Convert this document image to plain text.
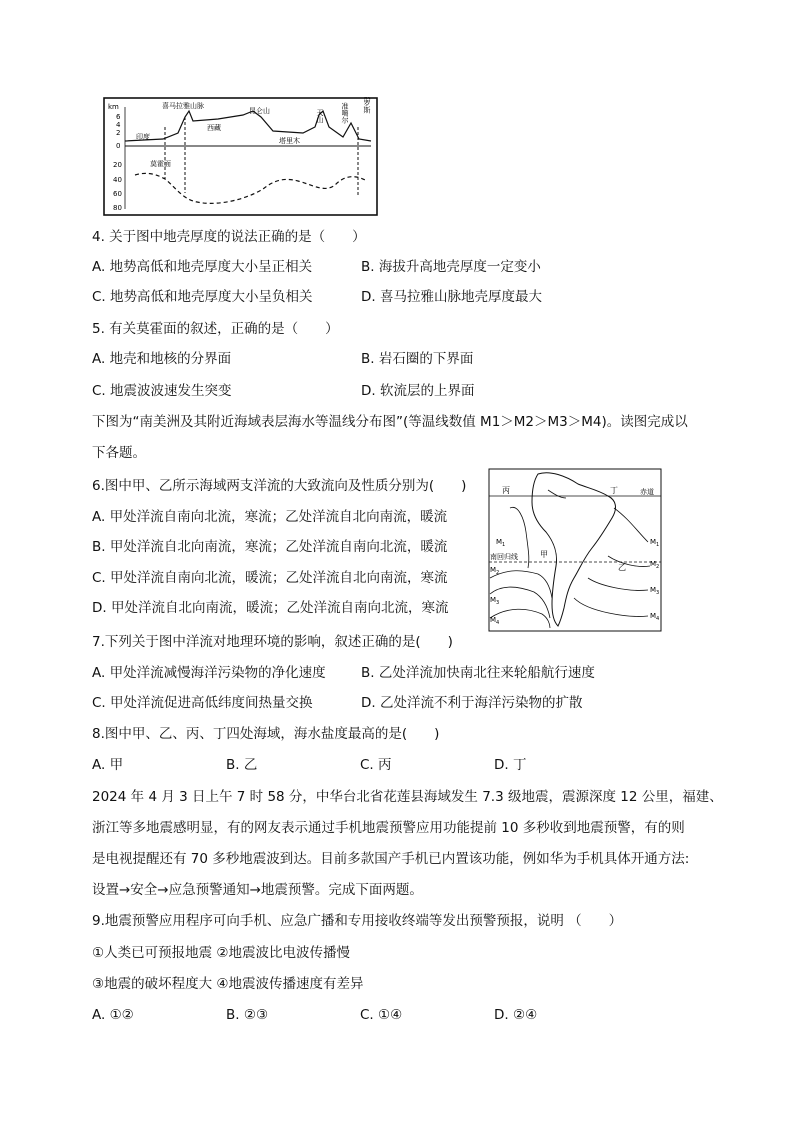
km
6
4
2
0
20
40
60
80
喜马拉雅山脉
昆仑山
印度
西藏
塔里木
莫霍面
天山 准噶尔 俄罗斯
4. 关于图中地壳厚度的说法正确的是（　　）
A. 地势高低和地壳厚度大小呈正相关	B. 海拔升高地壳厚度一定变小
C. 地势高低和地壳厚度大小呈负相关	D. 喜马拉雅山脉地壳厚度最大
5. 有关莫霍面的叙述，正确的是（　　）
A. 地壳和地核的分界面	B. 岩石圈的下界面
C. 地震波波速发生突变	D. 软流层的上界面
下图为“南美洲及其附近海域表层海水等温线分布图”(等温线数值 M1＞M2＞M3＞M4)。读图完成以
下各题。
丙	丁	赤道
南回归线	甲
乙
$M_1$
$M_2$
$M_3$
$M_4$
$M_1$
$M_2$
$M_3$
$M_4$
6.图中甲、乙所示海域两支洋流的大致流向及性质分别为(　　)
A. 甲处洋流自南向北流，寒流；乙处洋流自北向南流，暖流
B. 甲处洋流自北向南流，寒流；乙处洋流自南向北流，暖流
C. 甲处洋流自南向北流，暖流；乙处洋流自北向南流，寒流
D. 甲处洋流自北向南流，暖流；乙处洋流自南向北流，寒流
7.下列关于图中洋流对地理环境的影响，叙述正确的是(　　)
A. 甲处洋流减慢海洋污染物的净化速度	B. 乙处洋流加快南北往来轮船航行速度
C. 甲处洋流促进高低纬度间热量交换	D. 乙处洋流不利于海洋污染物的扩散
8.图中甲、乙、丙、丁四处海域，海水盐度最高的是(　　)
A. 甲	B. 乙	C. 丙	D. 丁
2024 年 4 月 3 日上午 7 时 58 分，中华台北省花莲县海域发生 7.3 级地震，震源深度 12 公里，福建、
浙江等多地震感明显，有的网友表示通过手机地震预警应用功能提前 10 多秒收到地震预警，有的则
是电视提醒还有 70 多秒地震波到达。目前多款国产手机已内置该功能，例如华为手机具体开通方法:
设置→安全→应急预警通知→地震预警。完成下面两题。
9.地震预警应用程序可向手机、应急广播和专用接收终端等发出预警预报，说明 （　　）
①人类已可预报地震 ②地震波比电波传播慢
③地震的破坏程度大 ④地震波传播速度有差异
A. ①②	B. ②③	C. ①④	D. ②④
